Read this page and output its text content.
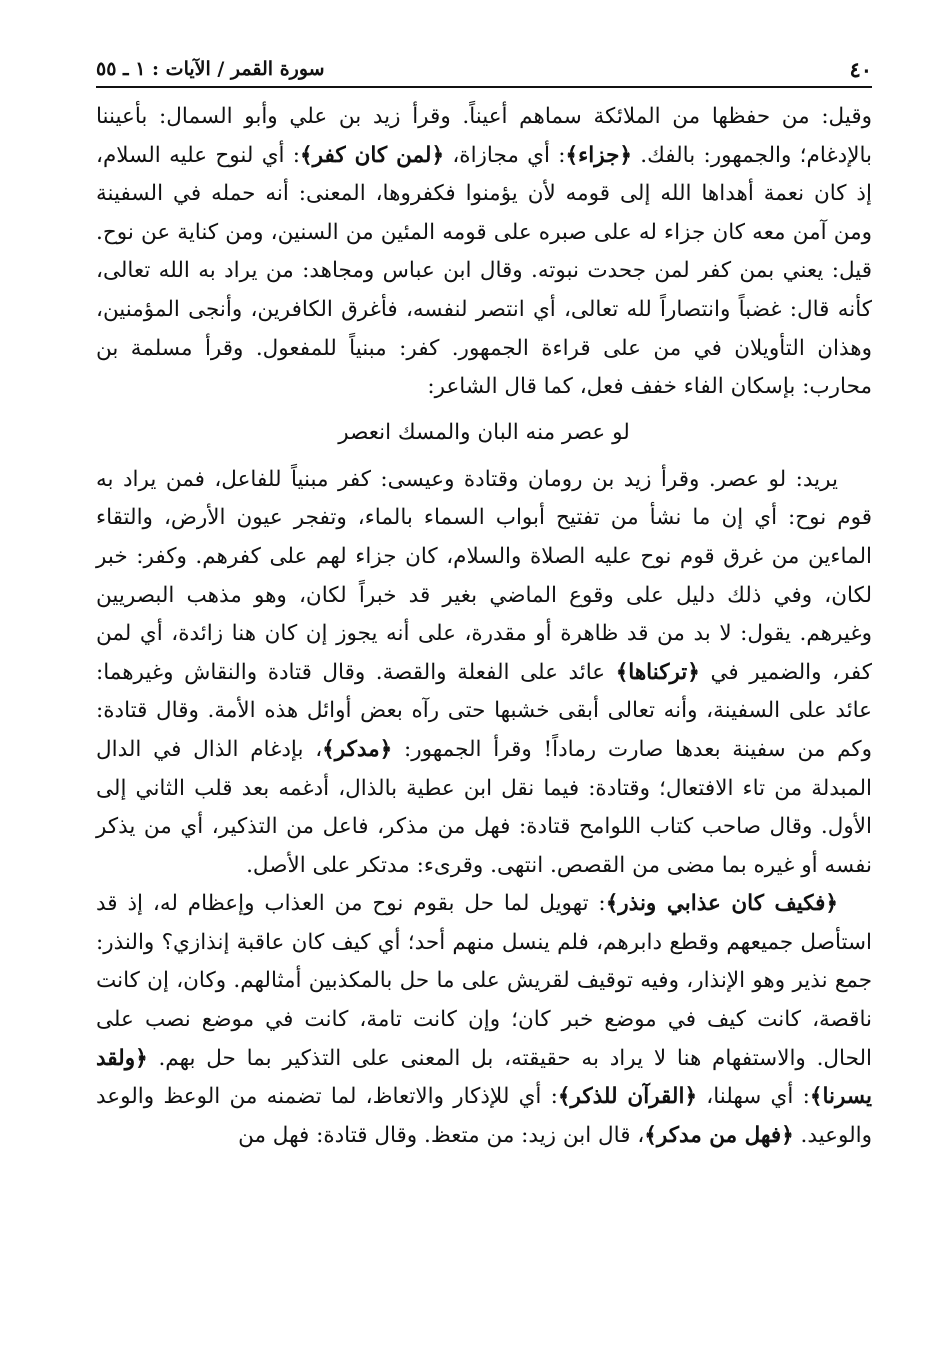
٤٠
سورة القمر / الآيات : ١ ـ ٥٥

وقيل: من حفظها من الملائكة سماهم أعيناً. وقرأ زيد بن علي وأبو السمال: بأعيننا بالإدغام؛ والجمهور: بالفك. ﴿جزاء﴾: أي مجازاة، ﴿لمن كان كفر﴾: أي لنوح عليه السلام، إذ كان نعمة أهداها الله إلى قومه لأن يؤمنوا فكفروها، المعنى: أنه حمله في السفينة ومن آمن معه كان جزاء له على صبره على قومه المئين من السنين، ومن كناية عن نوح. قيل: يعني بمن كفر لمن جحدت نبوته. وقال ابن عباس ومجاهد: من يراد به الله تعالى، كأنه قال: غضباً وانتصاراً لله تعالى، أي انتصر لنفسه، فأغرق الكافرين، وأنجى المؤمنين، وهذان التأويلان في من على قراءة الجمهور. كفر: مبنياً للمفعول. وقرأ مسلمة بن محارب: بإسكان الفاء خفف فعل، كما قال الشاعر:

لو عصر منه البان والمسك انعصر

يريد: لو عصر. وقرأ زيد بن رومان وقتادة وعيسى: كفر مبنياً للفاعل، فمن يراد به قوم نوح: أي إن ما نشأ من تفتيح أبواب السماء بالماء، وتفجر عيون الأرض، والتقاء الماءين من غرق قوم نوح عليه الصلاة والسلام، كان جزاء لهم على كفرهم. وكفر: خبر لكان، وفي ذلك دليل على وقوع الماضي بغير قد خبراً لكان، وهو مذهب البصريين وغيرهم. يقول: لا بد من قد ظاهرة أو مقدرة، على أنه يجوز إن كان هنا زائدة، أي لمن كفر، والضمير في ﴿تركناها﴾ عائد على الفعلة والقصة. وقال قتادة والنقاش وغيرهما: عائد على السفينة، وأنه تعالى أبقى خشبها حتى رآه بعض أوائل هذه الأمة. وقال قتادة: وكم من سفينة بعدها صارت رماداً! وقرأ الجمهور: ﴿مدكر﴾، بإدغام الذال في الدال المبدلة من تاء الافتعال؛ وقتادة: فيما نقل ابن عطية بالذال، أدغمه بعد قلب الثاني إلى الأول. وقال صاحب كتاب اللوامح قتادة: فهل من مذكر، فاعل من التذكير، أي من يذكر نفسه أو غيره بما مضى من القصص. انتهى. وقرىء: مدتكر على الأصل.

﴿فكيف كان عذابي ونذر﴾: تهويل لما حل بقوم نوح من العذاب وإعظام له، إذ قد استأصل جميعهم وقطع دابرهم، فلم ينسل منهم أحد؛ أي كيف كان عاقبة إنذازي؟ والنذر: جمع نذير وهو الإنذار، وفيه توقيف لقريش على ما حل بالمكذبين أمثالهم. وكان، إن كانت ناقصة، كانت كيف في موضع خبر كان؛ وإن كانت تامة، كانت في موضع نصب على الحال. والاستفهام هنا لا يراد به حقيقته، بل المعنى على التذكير بما حل بهم. ﴿ولقد يسرنا﴾: أي سهلنا، ﴿القرآن للذكر﴾: أي للإذكار والاتعاظ، لما تضمنه من الوعظ والوعد والوعيد. ﴿فهل من مدكر﴾، قال ابن زيد: من متعظ. وقال قتادة: فهل من
